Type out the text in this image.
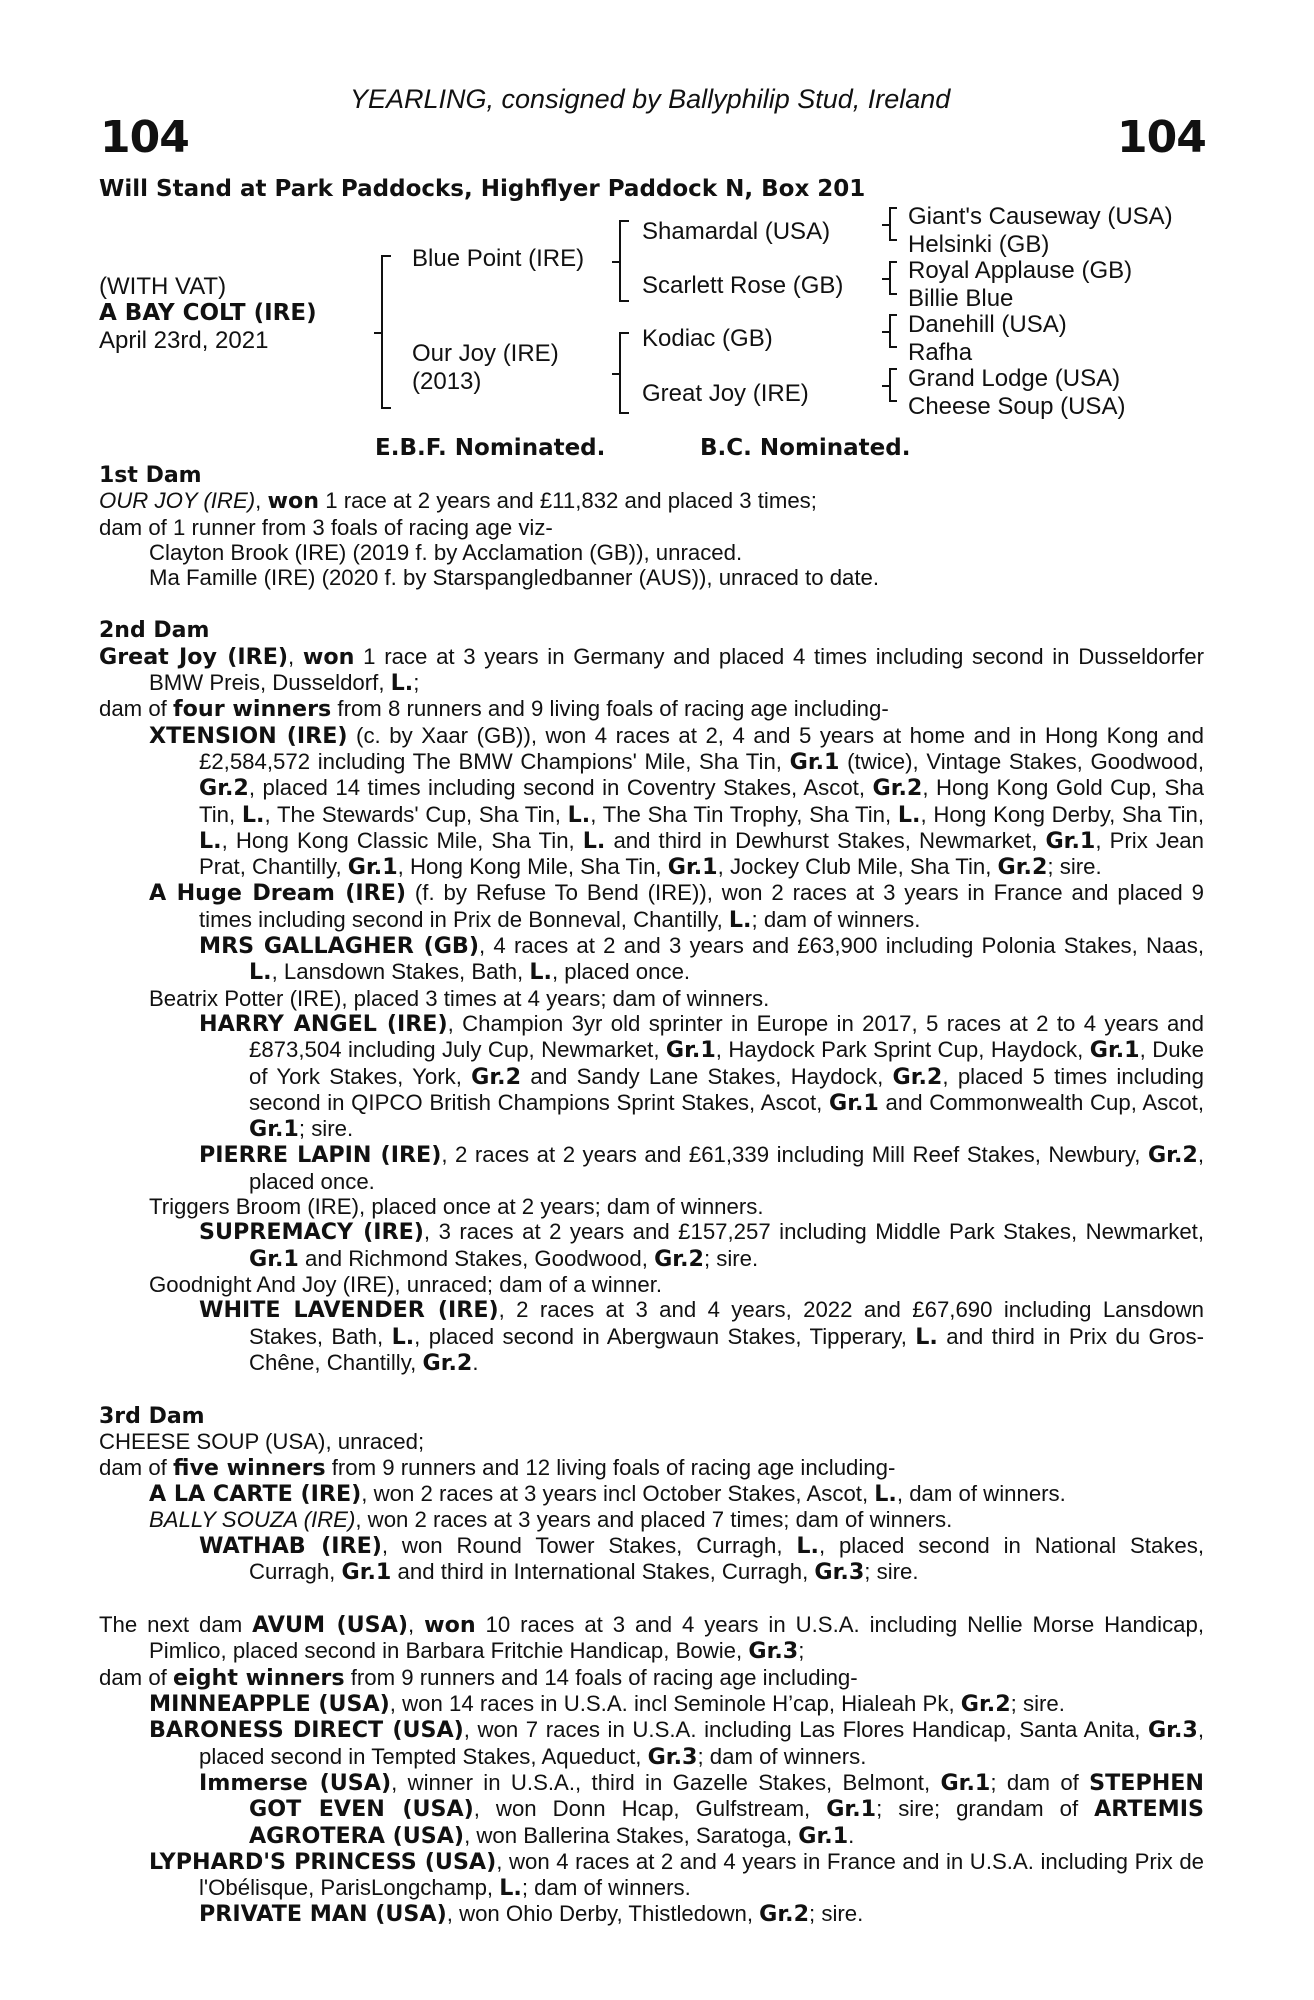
YEARLING, consigned by Ballyphilip Stud, Ireland
104	104
Will Stand at Park Paddocks, Highflyer Paddock N, Box 201
(WITH VAT)
A BAY COLT (IRE)
April 23rd, 2021
Blue Point (IRE)
Our Joy (IRE)
(2013)
Shamardal (USA)
Scarlett Rose (GB)
Kodiac (GB)
Great Joy (IRE)
Giant's Causeway (USA)
Helsinki (GB)
Royal Applause (GB)
Billie Blue
Danehill (USA)
Rafha
Grand Lodge (USA)
Cheese Soup (USA)
E.B.F. Nominated.	B.C. Nominated.

1st Dam

OUR JOY (IRE), won 1 race at 2 years and £11,832 and placed 3 times;

dam of 1 runner from 3 foals of racing age viz-

Clayton Brook (IRE) (2019 f. by Acclamation (GB)), unraced.

Ma Famille (IRE) (2020 f. by Starspangledbanner (AUS)), unraced to date.

2nd Dam

Great Joy (IRE), won 1 race at 3 years in Germany and placed 4 times including second in Dusseldorfer BMW Preis, Dusseldorf, L.;

dam of four winners from 8 runners and 9 living foals of racing age including-

XTENSION (IRE) (c. by Xaar (GB)), won 4 races at 2, 4 and 5 years at home and in Hong Kong and £2,584,572 including The BMW Champions' Mile, Sha Tin, Gr.1 (twice), Vintage Stakes, Goodwood, Gr.2, placed 14 times including second in Coventry Stakes, Ascot, Gr.2, Hong Kong Gold Cup, Sha Tin, L., The Stewards' Cup, Sha Tin, L., The Sha Tin Trophy, Sha Tin, L., Hong Kong Derby, Sha Tin, L., Hong Kong Classic Mile, Sha Tin, L. and third in Dewhurst Stakes, Newmarket, Gr.1, Prix Jean Prat, Chantilly, Gr.1, Hong Kong Mile, Sha Tin, Gr.1, Jockey Club Mile, Sha Tin, Gr.2; sire.

A Huge Dream (IRE) (f. by Refuse To Bend (IRE)), won 2 races at 3 years in France and placed 9 times including second in Prix de Bonneval, Chantilly, L.; dam of winners.

MRS GALLAGHER (GB), 4 races at 2 and 3 years and £63,900 including Polonia Stakes, Naas, L., Lansdown Stakes, Bath, L., placed once.

Beatrix Potter (IRE), placed 3 times at 4 years; dam of winners.

HARRY ANGEL (IRE), Champion 3yr old sprinter in Europe in 2017, 5 races at 2 to 4 years and £873,504 including July Cup, Newmarket, Gr.1, Haydock Park Sprint Cup, Haydock, Gr.1, Duke of York Stakes, York, Gr.2 and Sandy Lane Stakes, Haydock, Gr.2, placed 5 times including second in QIPCO British Champions Sprint Stakes, Ascot, Gr.1 and Commonwealth Cup, Ascot, Gr.1; sire.

PIERRE LAPIN (IRE), 2 races at 2 years and £61,339 including Mill Reef Stakes, Newbury, Gr.2, placed once.

Triggers Broom (IRE), placed once at 2 years; dam of winners.

SUPREMACY (IRE), 3 races at 2 years and £157,257 including Middle Park Stakes, Newmarket, Gr.1 and Richmond Stakes, Goodwood, Gr.2; sire.

Goodnight And Joy (IRE), unraced; dam of a winner.

WHITE LAVENDER (IRE), 2 races at 3 and 4 years, 2022 and £67,690 including Lansdown Stakes, Bath, L., placed second in Abergwaun Stakes, Tipperary, L. and third in Prix du Gros-Chêne, Chantilly, Gr.2.

3rd Dam

CHEESE SOUP (USA), unraced;

dam of five winners from 9 runners and 12 living foals of racing age including-

A LA CARTE (IRE), won 2 races at 3 years incl October Stakes, Ascot, L., dam of winners.

BALLY SOUZA (IRE), won 2 races at 3 years and placed 7 times; dam of winners.

WATHAB (IRE), won Round Tower Stakes, Curragh, L., placed second in National Stakes, Curragh, Gr.1 and third in International Stakes, Curragh, Gr.3; sire.

The next dam AVUM (USA), won 10 races at 3 and 4 years in U.S.A. including Nellie Morse Handicap, Pimlico, placed second in Barbara Fritchie Handicap, Bowie, Gr.3;

dam of eight winners from 9 runners and 14 foals of racing age including-

MINNEAPPLE (USA), won 14 races in U.S.A. incl Seminole H’cap, Hialeah Pk, Gr.2; sire.

BARONESS DIRECT (USA), won 7 races in U.S.A. including Las Flores Handicap, Santa Anita, Gr.3, placed second in Tempted Stakes, Aqueduct, Gr.3; dam of winners.

Immerse (USA), winner in U.S.A., third in Gazelle Stakes, Belmont, Gr.1; dam of STEPHEN GOT EVEN (USA), won Donn Hcap, Gulfstream, Gr.1; sire; grandam of ARTEMIS AGROTERA (USA), won Ballerina Stakes, Saratoga, Gr.1.

LYPHARD'S PRINCESS (USA), won 4 races at 2 and 4 years in France and in U.S.A. including Prix de l'Obélisque, ParisLongchamp, L.; dam of winners.

PRIVATE MAN (USA), won Ohio Derby, Thistledown, Gr.2; sire.
